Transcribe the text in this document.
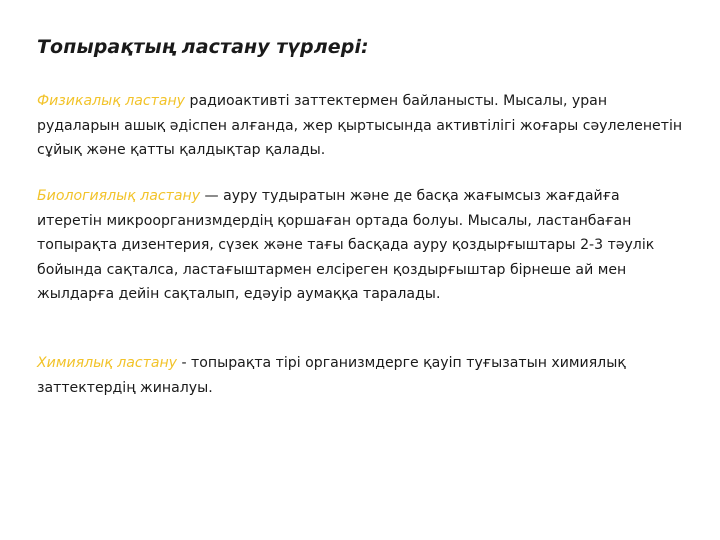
Топырақтың ластану түрлері:
Физикалық ластану радиоактивті заттектермен байланысты. Мысалы, уран рудаларын ашық әдіспен алғанда, жер қыртысында активтілігі жоғары сәулеленетін сұйық және қатты қалдықтар қалады.
Биологиялық ластану — ауру тудыратын және де басқа жағымсыз жағдайға итеретін микроорганизмдердің қоршаған ортада болуы. Мысалы, ластанбаған топырақта дизентерия, сүзек және тағы басқада ауру қоздырғыштары 2-3 тәулік бойында сақталса, ластағыштармен елсіреген қоздырғыштар бірнеше ай мен жылдарға дейін сақталып, едәуір аумаққа таралады.
Химиялық ластану - топырақта тірі организмдерге қауіп туғызатын химиялық заттектердің жиналуы.
